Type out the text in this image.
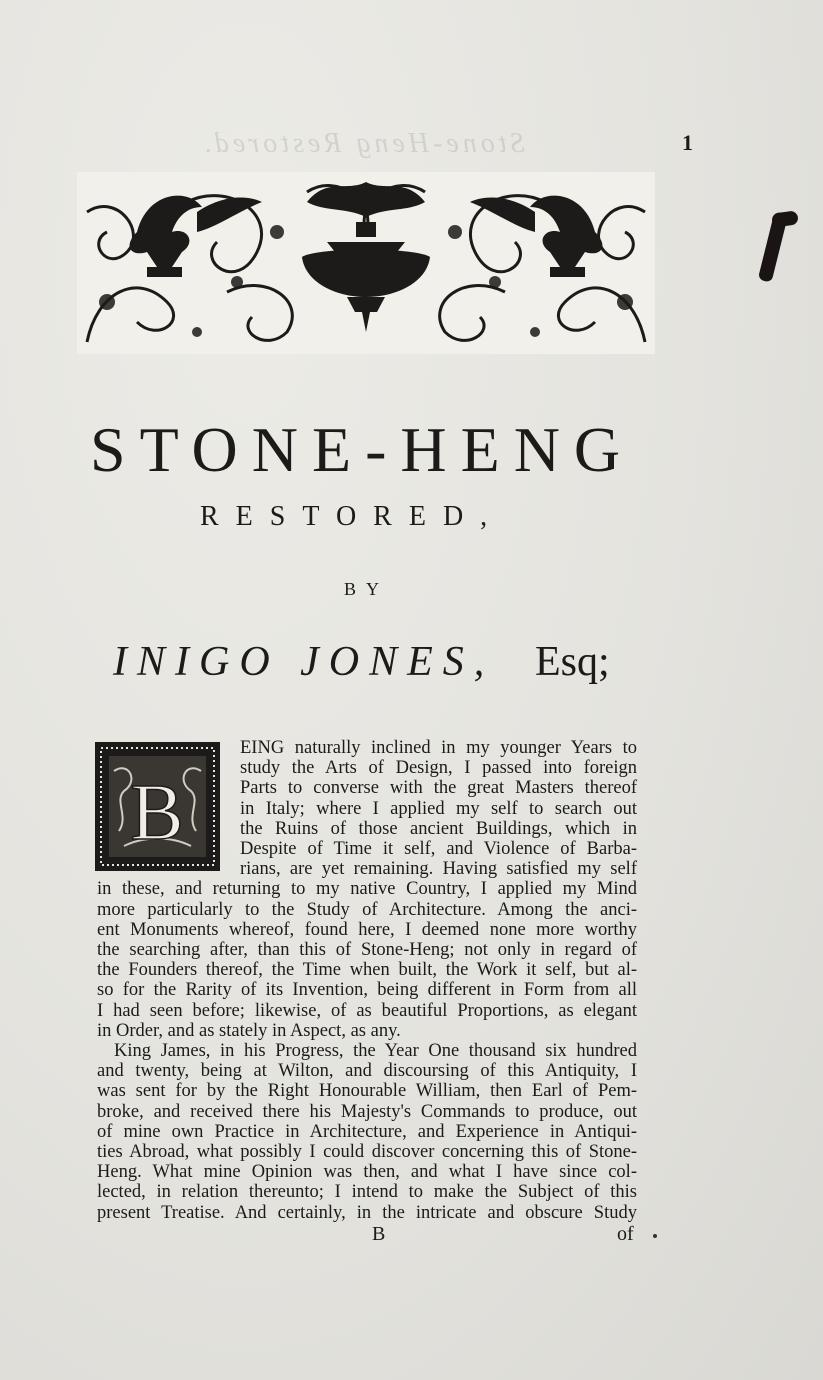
Stone-Heng Restored.	1
STONE-HENG
RESTORED,
BY
INIGO JONES, Esq;
B
EING naturally inclined in my younger Years to
study the Arts of Design, I passed into foreign
Parts to converse with the great Masters thereof
in Italy; where I applied my self to search out
the Ruins of those ancient Buildings, which in
Despite of Time it self, and Violence of Barba-
rians, are yet remaining. Having satisfied my self
in these, and returning to my native Country, I applied my Mind
more particularly to the Study of Architecture. Among the anci-
ent Monuments whereof, found here, I deemed none more worthy
the searching after, than this of Stone-Heng; not only in regard of
the Founders thereof, the Time when built, the Work it self, but al-
so for the Rarity of its Invention, being different in Form from all
I had seen before; likewise, of as beautiful Proportions, as elegant
in Order, and as stately in Aspect, as any.
King James, in his Progress, the Year One thousand six hundred
and twenty, being at Wilton, and discoursing of this Antiquity, I
was sent for by the Right Honourable William, then Earl of Pem-
broke, and received there his Majesty's Commands to produce, out
of mine own Practice in Architecture, and Experience in Antiqui-
ties Abroad, what possibly I could discover concerning this of Stone-
Heng. What mine Opinion was then, and what I have since col-
B	of
lected, in relation thereunto; I intend to make the Subject of this
present Treatise. And certainly, in the intricate and obscure Study
